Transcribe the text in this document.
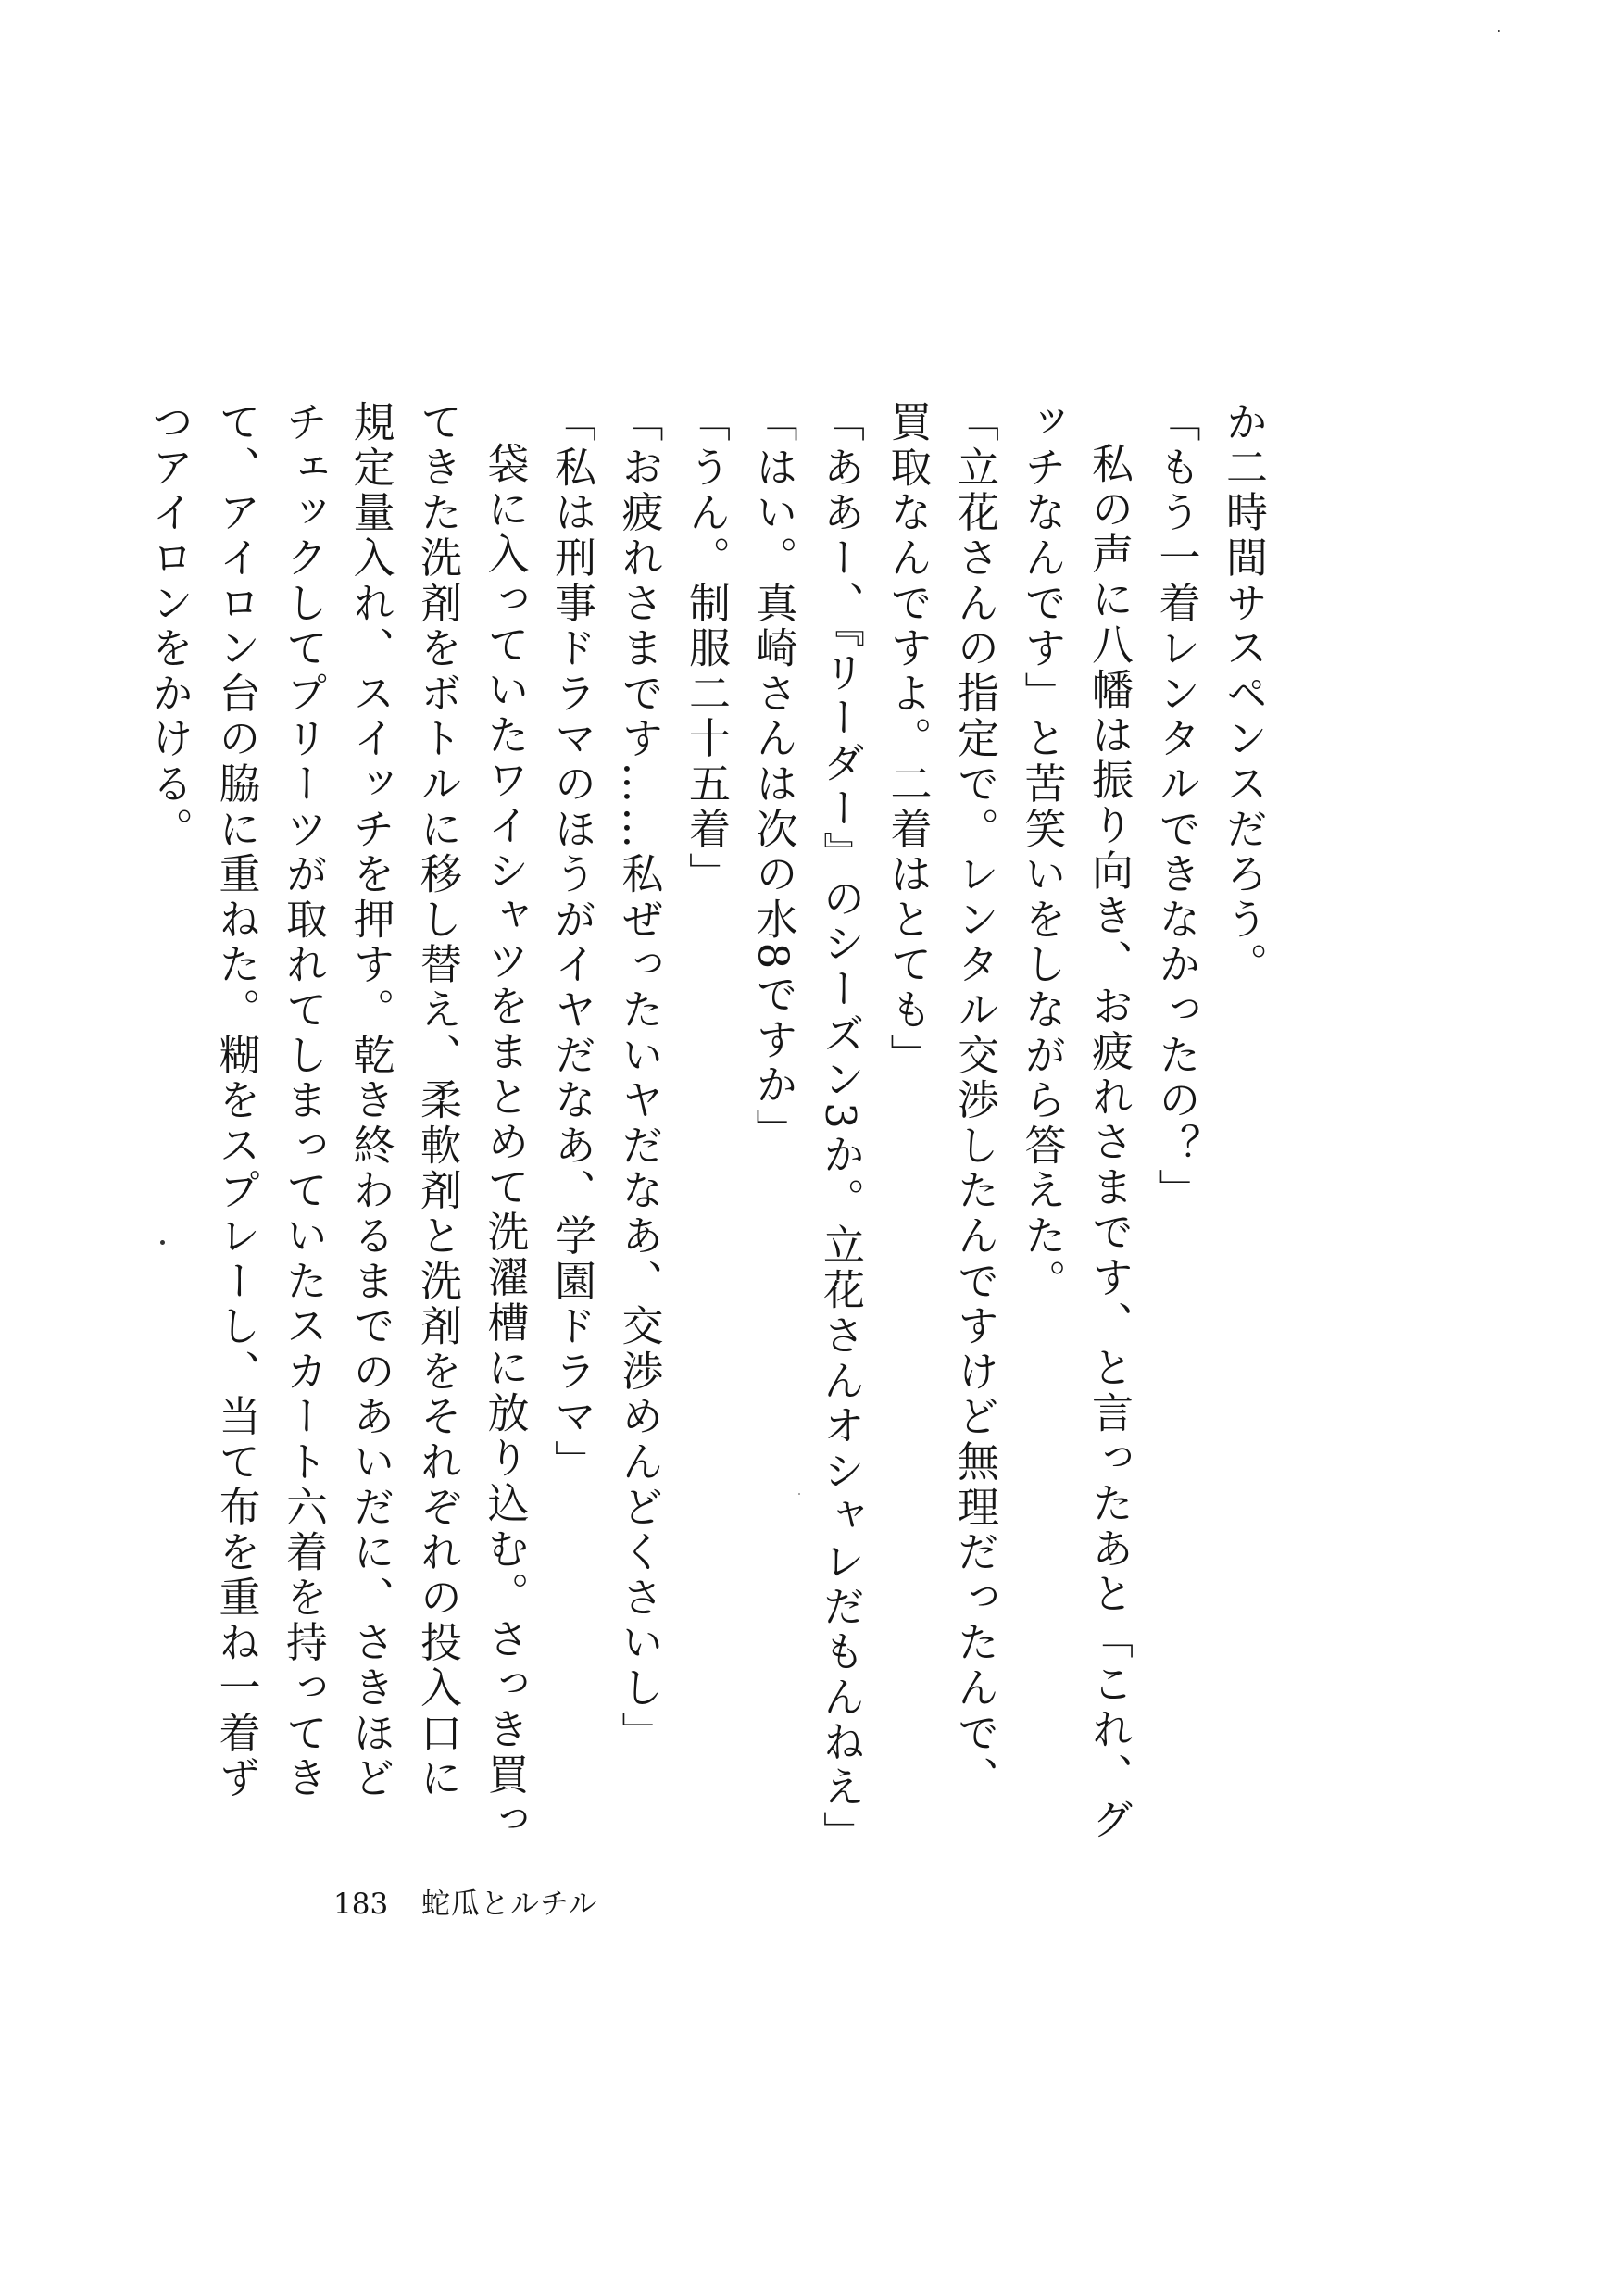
か二時間サスペンスだろう。

「もう一着レンタルできなかったの？」

私の声に八幡は振り向き、お疲れさまです、と言ったあと「これ、グッチなんです」と苦笑いをしながら答えた。

「立花さんの指定で。レンタル交渉したんですけど無理だったんで、買取なんですよ。二着はとても」

「ああー、『リーダー』のシーズン3か。立花さんオシャレだもんねえ」

「はい。真崎さんは次の水8ですか」

「うん。制服二十五着」

「お疲れさまです……私ぜったいヤだなあ、交渉めんどくさいし」

「私は刑事ドラマのほうがイヤだなあ、学園ドラマ」

袋に入っていたワイシャツをまとめて洗濯槽に放り込む。さっき買ってきた洗剤をボトルに移し替え、柔軟剤と洗剤をそれぞれの投入口に規定量入れ、スイッチを押す。乾き終わるまでのあいだに、さきほどチェックしてプリーツが取れてしまっていたスカート六着を持ってきて、アイロン台の脇に重ねた。糊をスプレーし、当て布を重ね一着ずつアイロンをかける。

183 蛇瓜とルチル
